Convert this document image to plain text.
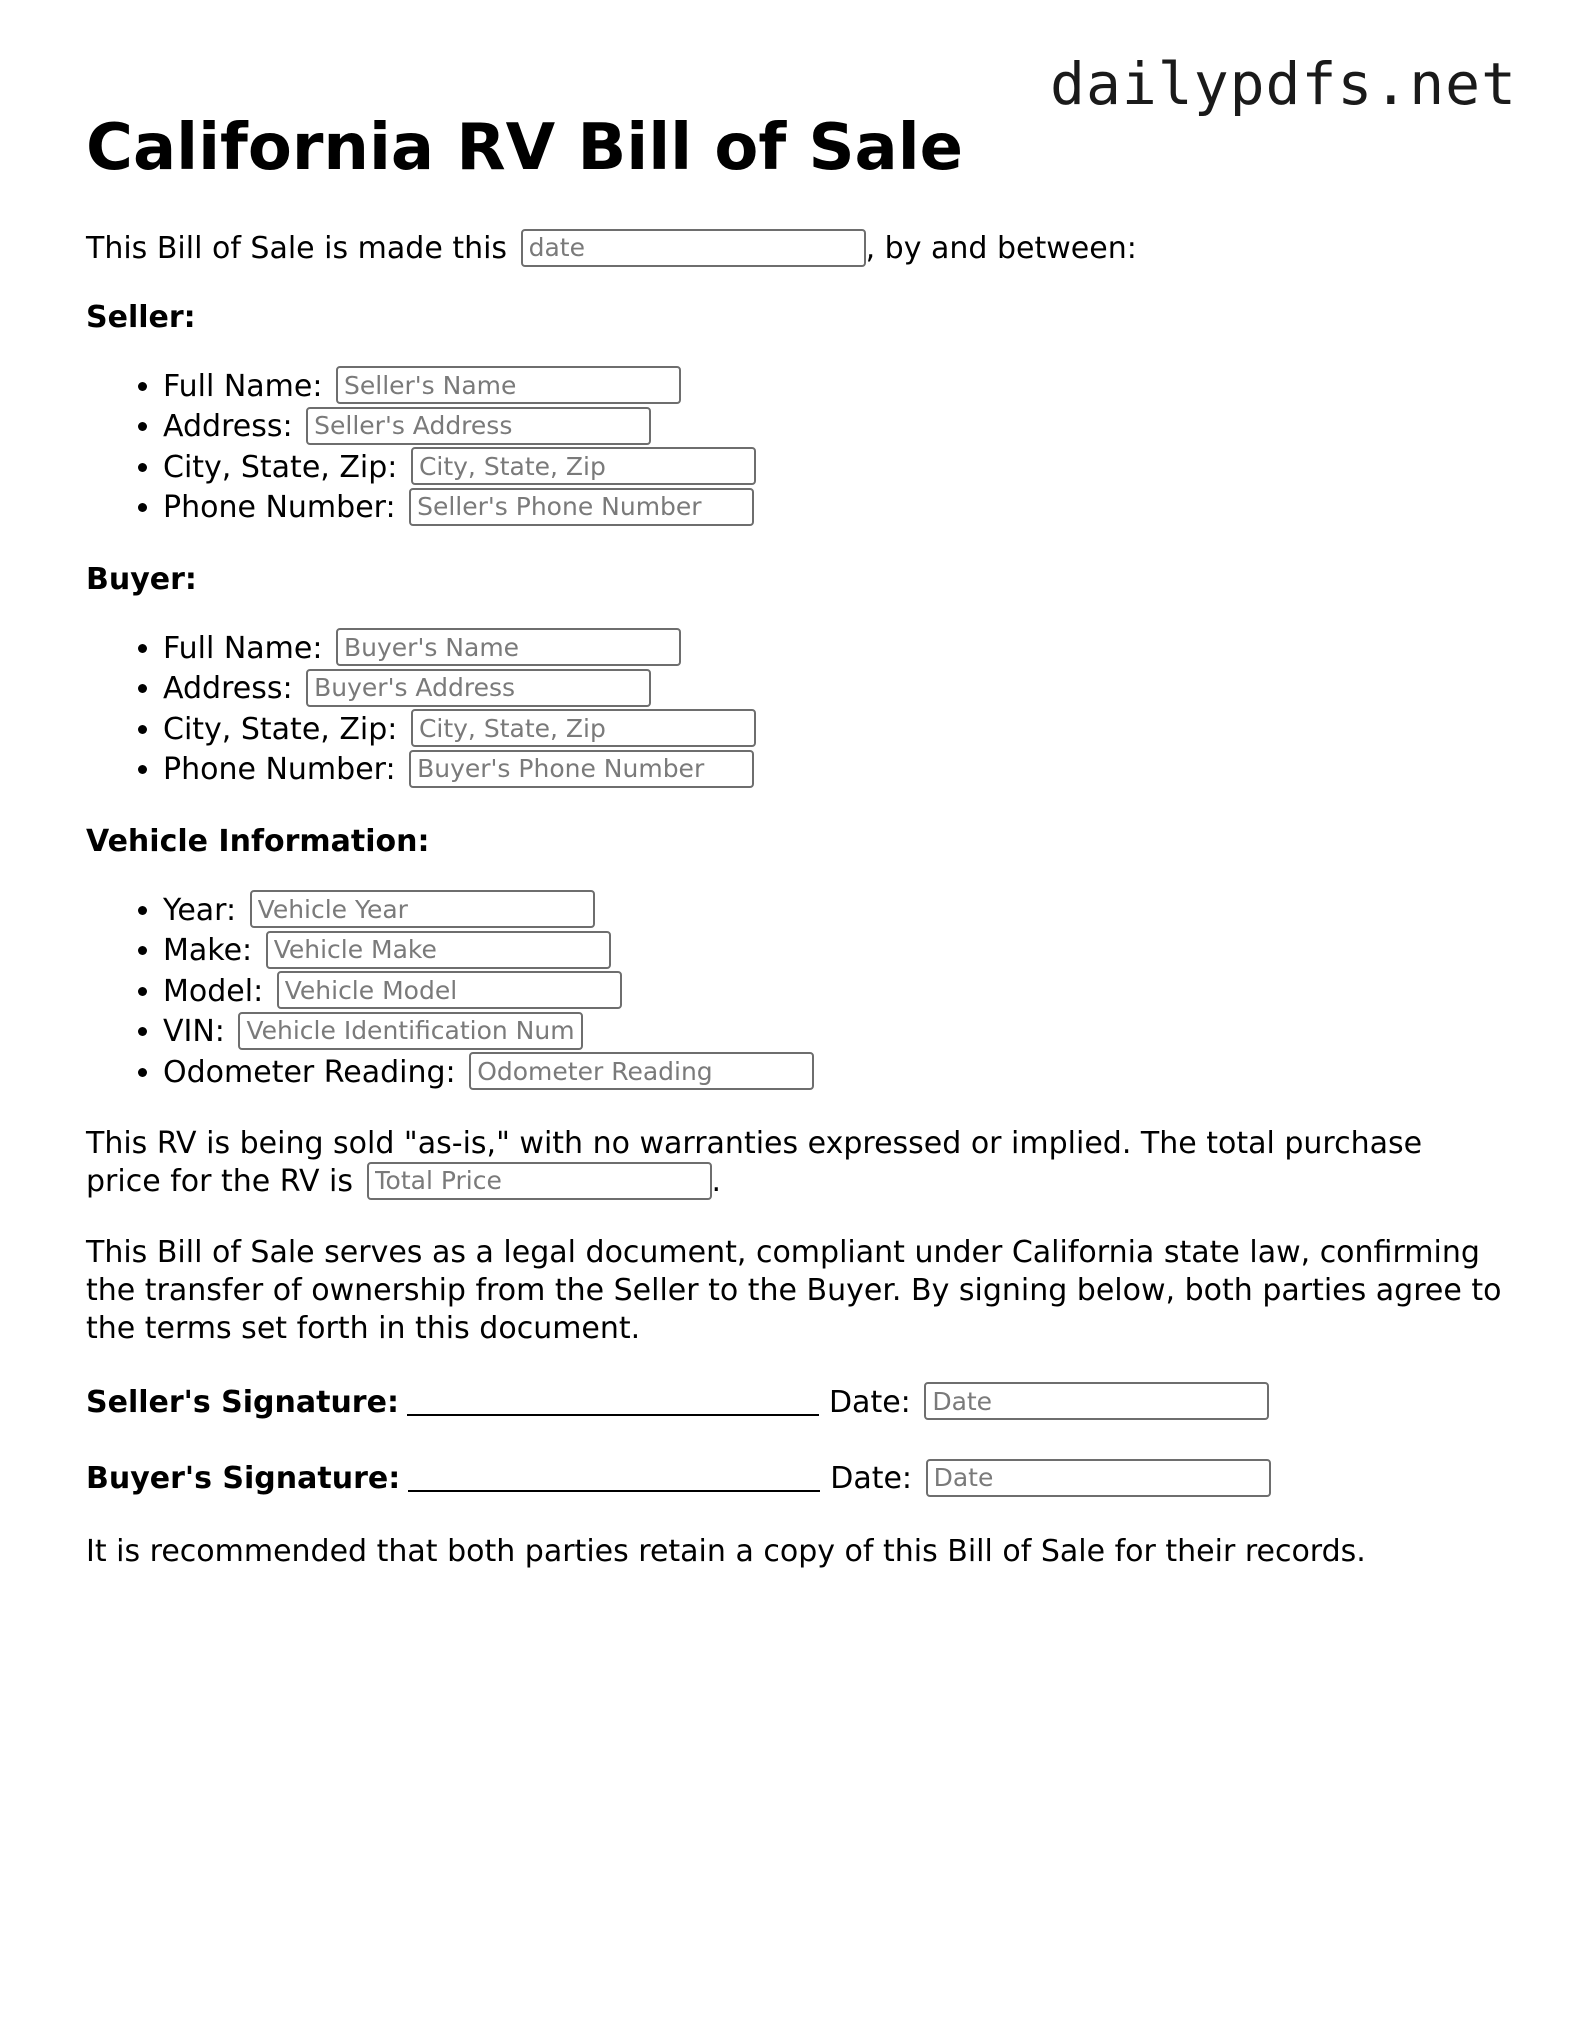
dailypdfs.net
California RV Bill of Sale

This Bill of Sale is made this date	, by and between:

Seller:
• Full Name: Seller's Name
• Address: Seller's Address
• City, State, Zip: City, State, Zip
• Phone Number: Seller's Phone Number
Buyer:
• Full Name: Buyer's Name
• Address: Buyer's Address
• City, State, Zip: City, State, Zip
• Phone Number: Buyer's Phone Number
Vehicle Information:
• Year: Vehicle Year
• Make: Vehicle Make
• Model: Vehicle Model
• VIN: Vehicle Identification Number
• Odometer Reading: Odometer Reading

This RV is being sold "as-is," with no warranties expressed or implied. The total purchase price for the RV is Total Price	.

This Bill of Sale serves as a legal document, compliant under California state law, confirming the transfer of ownership from the Seller to the Buyer. By signing below, both parties agree to the terms set forth in this document.

Seller's Signature:	Date: Date
Buyer's Signature:	Date: Date

It is recommended that both parties retain a copy of this Bill of Sale for their records.
